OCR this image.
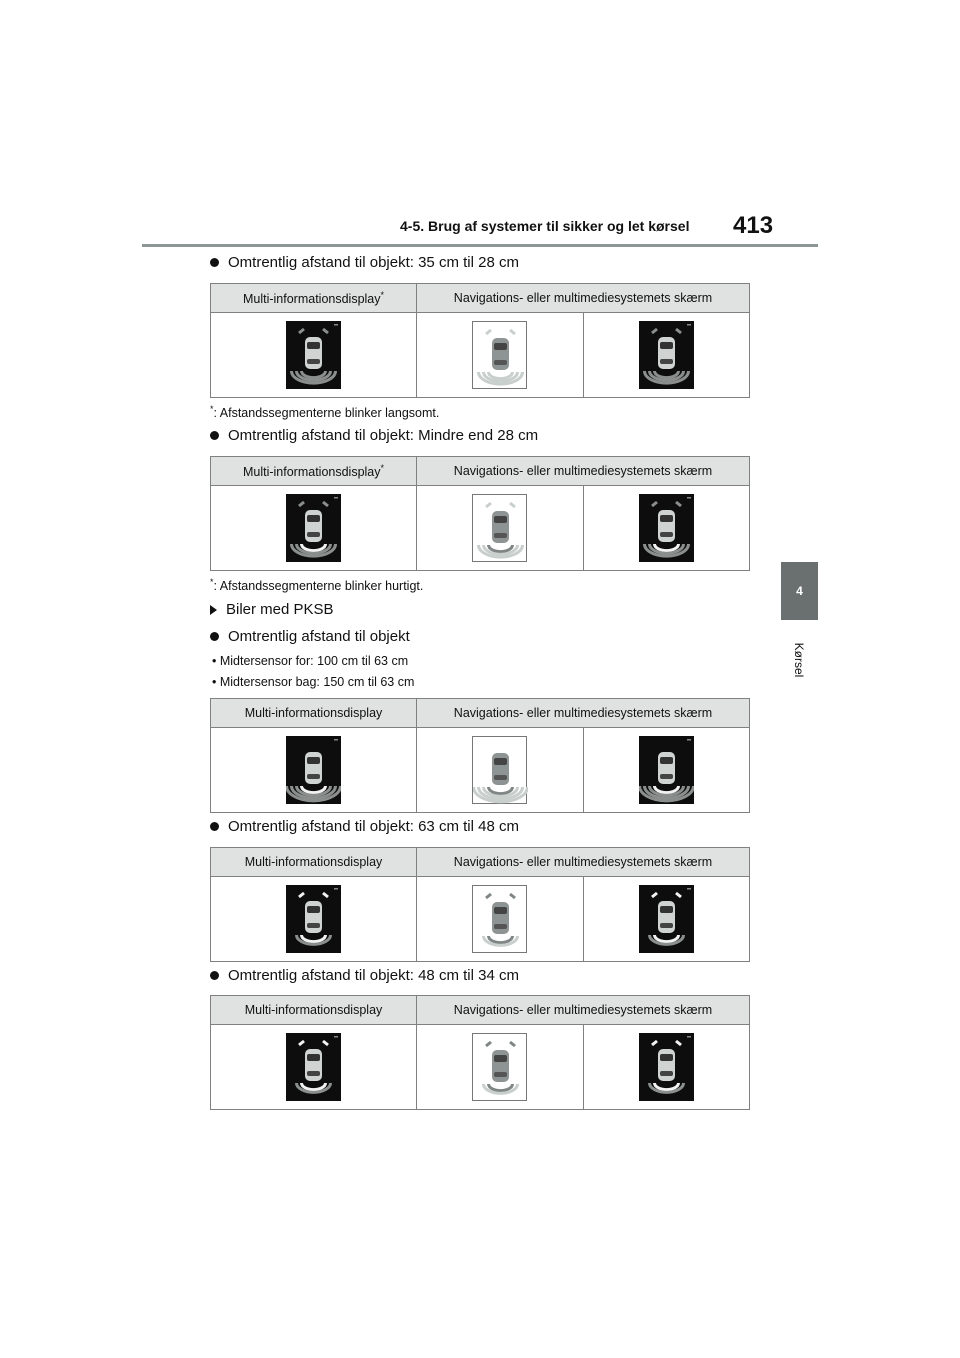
4-5. Brug af systemer til sikker og let kørsel 413
4
Kørsel
Omtrentlig afstand til objekt: 35 cm til 28 cm
Multi-informationsdisplay*	Navigations- eller multimediesystemets skærm	

*: Afstandssegmenterne blinker langsomt.
Omtrentlig afstand til objekt: Mindre end 28 cm
Multi-informationsdisplay*	Navigations- eller multimediesystemets skærm	

*: Afstandssegmenterne blinker hurtigt.
Biler med PKSB
Omtrentlig afstand til objekt
• Midtersensor for: 100 cm til 63 cm
• Midtersensor bag: 150 cm til 63 cm
Multi-informationsdisplay	Navigations- eller multimediesystemets skærm	

Omtrentlig afstand til objekt: 63 cm til 48 cm
Multi-informationsdisplay	Navigations- eller multimediesystemets skærm	

Omtrentlig afstand til objekt: 48 cm til 34 cm
Multi-informationsdisplay	Navigations- eller multimediesystemets skærm	
